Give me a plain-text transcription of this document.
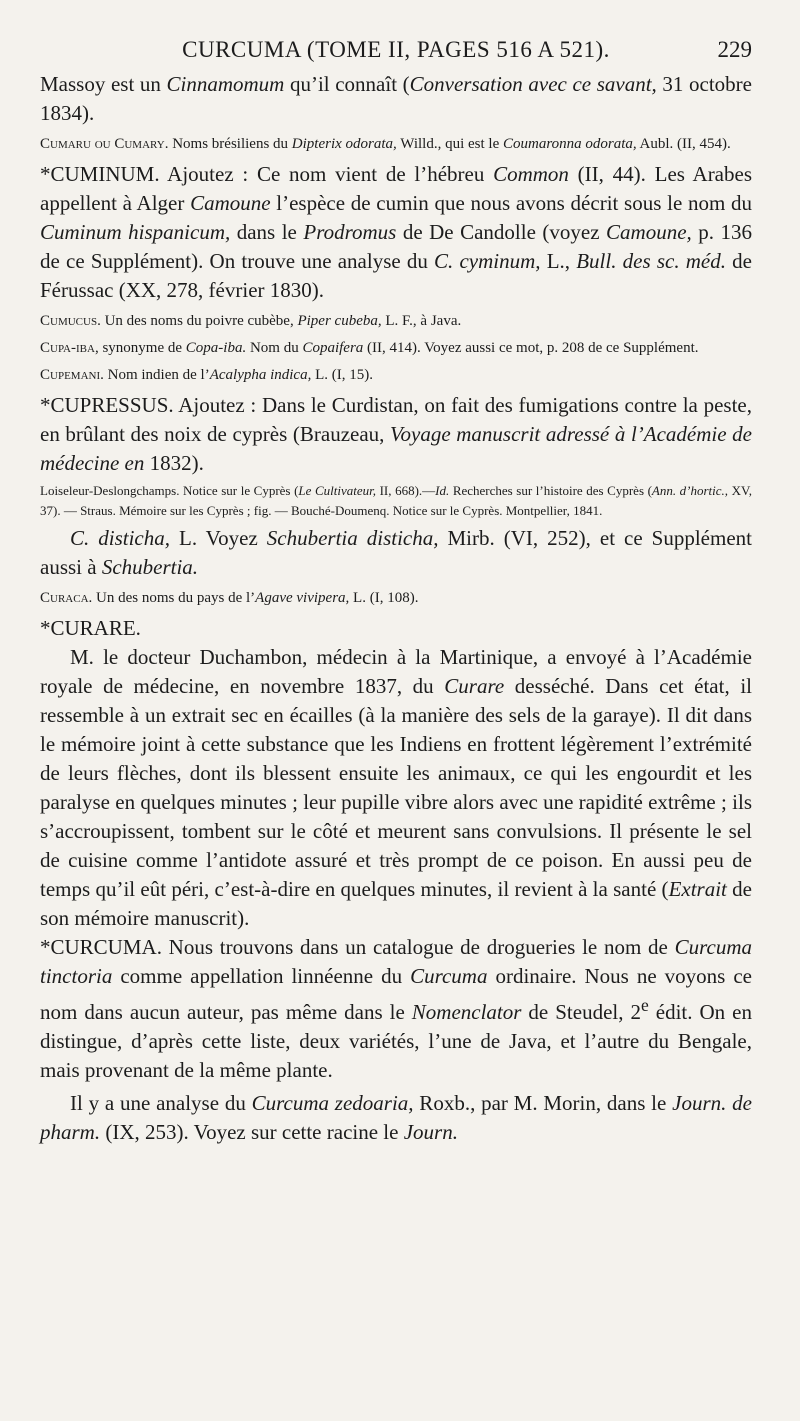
CURCUMA (TOME II, PAGES 516 A 521).	229

Massoy est un Cinnamomum qu’il connaît (Conversation avec ce savant, 31 octobre 1834).

Cumaru ou Cumary. Noms brésiliens du Dipterix odorata, Willd., qui est le Coumaronna odorata, Aubl. (II, 454).

*CUMINUM. Ajoutez : Ce nom vient de l’hébreu Common (II, 44). Les Arabes appellent à Alger Camoune l’espèce de cumin que nous avons décrit sous le nom du Cuminum hispanicum, dans le Prodromus de De Candolle (voyez Camoune, p. 136 de ce Supplément). On trouve une analyse du C. cyminum, L., Bull. des sc. méd. de Férussac (XX, 278, février 1830).

Cumucus. Un des noms du poivre cubèbe, Piper cubeba, L. F., à Java.

Cupa-iba, synonyme de Copa-iba. Nom du Copaifera (II, 414). Voyez aussi ce mot, p. 208 de ce Supplément.

Cupemani. Nom indien de l’Acalypha indica, L. (I, 15).

*CUPRESSUS. Ajoutez : Dans le Curdistan, on fait des fumigations contre la peste, en brûlant des noix de cyprès (Brauzeau, Voyage manuscrit adressé à l’Académie de médecine en 1832).

Loiseleur-Deslongchamps. Notice sur le Cyprès (Le Cultivateur, II, 668).—Id. Recherches sur l’histoire des Cyprès (Ann. d’hortic., XV, 37). — Straus. Mémoire sur les Cyprès ; fig. — Bouché-Doumenq. Notice sur le Cyprès. Montpellier, 1841.

C. disticha, L. Voyez Schubertia disticha, Mirb. (VI, 252), et ce Supplément aussi à Schubertia.

Curaca. Un des noms du pays de l’Agave vivipera, L. (I, 108).

*CURARE.

M. le docteur Duchambon, médecin à la Martinique, a envoyé à l’Académie royale de médecine, en novembre 1837, du Curare desséché. Dans cet état, il ressemble à un extrait sec en écailles (à la manière des sels de la garaye). Il dit dans le mémoire joint à cette substance que les Indiens en frottent légèrement l’extrémité de leurs flèches, dont ils blessent ensuite les animaux, ce qui les engourdit et les paralyse en quelques minutes ; leur pupille vibre alors avec une rapidité extrême ; ils s’accroupissent, tombent sur le côté et meurent sans convulsions. Il présente le sel de cuisine comme l’antidote assuré et très prompt de ce poison. En aussi peu de temps qu’il eût péri, c’est-à-dire en quelques minutes, il revient à la santé (Extrait de son mémoire manuscrit).

*CURCUMA. Nous trouvons dans un catalogue de drogueries le nom de Curcuma tinctoria comme appellation linnéenne du Curcuma ordinaire. Nous ne voyons ce nom dans aucun auteur, pas même dans le Nomenclator de Steudel, 2e édit. On en distingue, d’après cette liste, deux variétés, l’une de Java, et l’autre du Bengale, mais provenant de la même plante.

Il y a une analyse du Curcuma zedoaria, Roxb., par M. Morin, dans le Journ. de pharm. (IX, 253). Voyez sur cette racine le Journ.
